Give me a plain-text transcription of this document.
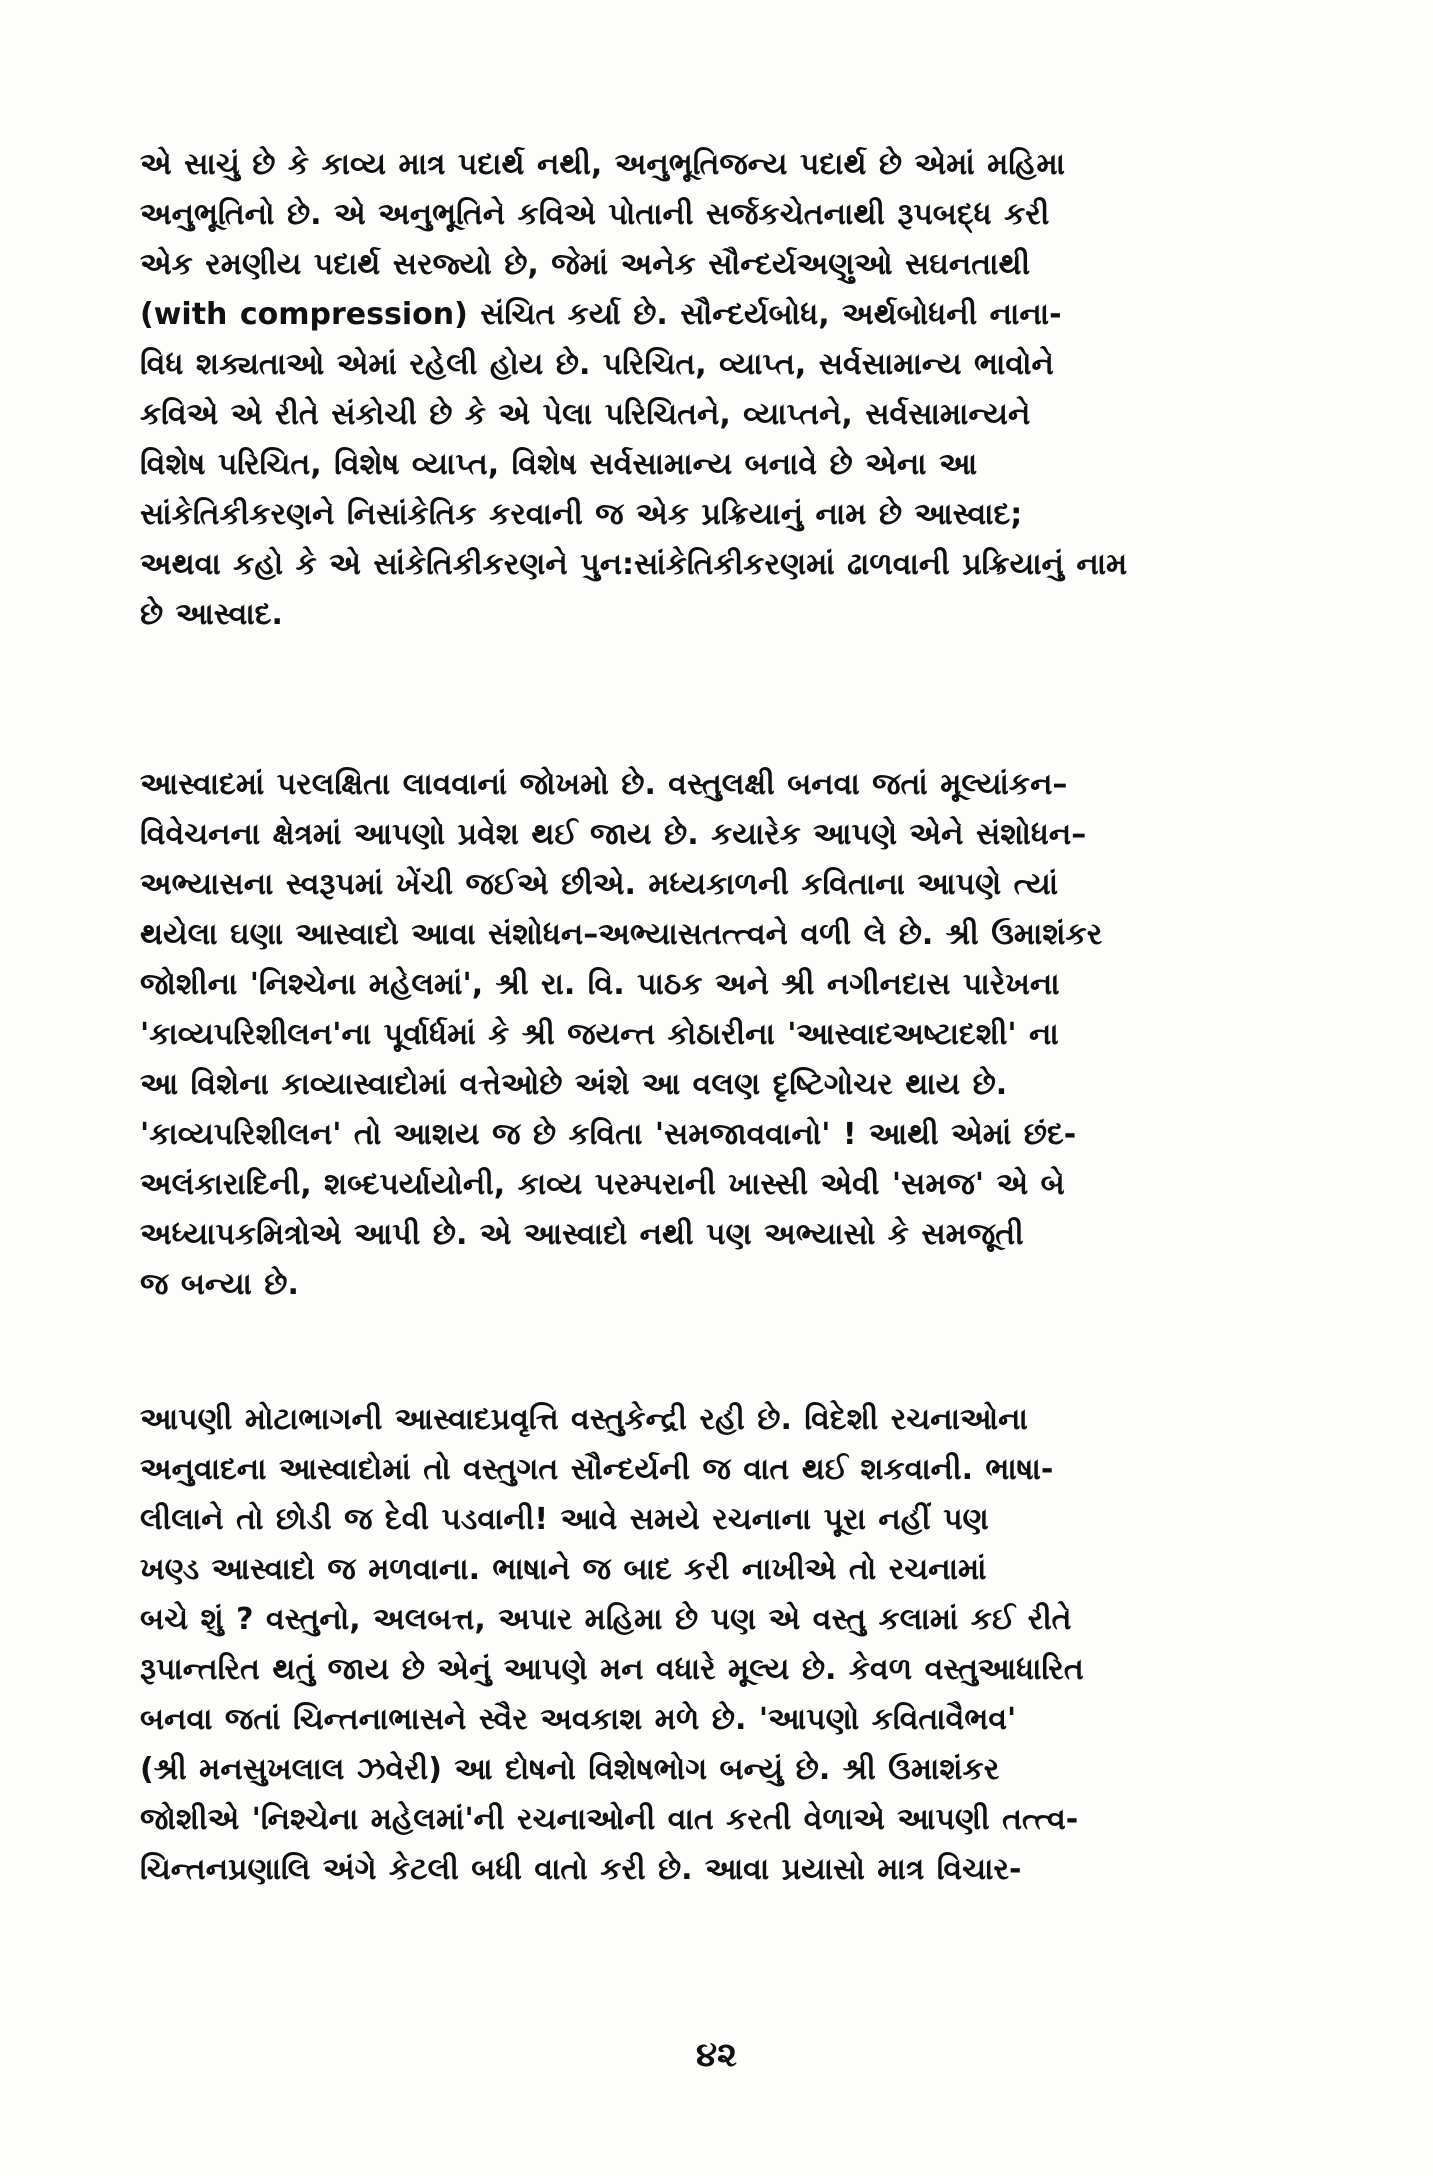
એ સાચું છે કે કાવ્ય માત્ર પદાર્થ નથી, અનુભૂતિજન્ય પદાર્થ છે એમાં મહિમા

અનુભૂતિનો છે. એ અનુભૂતિને કવિએ પોતાની સર્જકચેતનાથી રૂપબદ્ધ કરી

એક રમણીય પદાર્થ સરજ્યો છે, જેમાં અનેક સૌન્દર્યઅણુઓ સઘનતાથી

(with compression) સંચિત કર્યા છે. સૌન્દર્યબોધ, અર્થબોધની નાના-

વિધ શક્યતાઓ એમાં રહેલી હોય છે. પરિચિત, વ્યાપ્ત, સર્વસામાન્ય ભાવોને

કવિએ એ રીતે સંકોચી છે કે એ પેલા પરિચિતને, વ્યાપ્તને, સર્વસામાન્યને

વિશેષ પરિચિત, વિશેષ વ્યાપ્ત, વિશેષ સર્વસામાન્ય બનાવે છે એના આ

સાંકેતિકીકરણને નિસાંકેતિક કરવાની જ એક પ્રક્રિયાનું નામ છે આસ્વાદ;

અથવા કહો કે એ સાંકેતિકીકરણને પુન:સાંકેતિકીકરણમાં ઢાળવાની પ્રક્રિયાનું નામ

છે આસ્વાદ.

આસ્વાદમાં પરલક્ષિતા લાવવાનાં જોખમો છે. વસ્તુલક્ષી બનવા જતાં મૂલ્યાંકન–

વિવેચનના ક્ષેત્રમાં આપણો પ્રવેશ થઈ જાય છે. કયારેક આપણે એને સંશોધન–

અભ્યાસના સ્વરૂપમાં ખેંચી જઈએ છીએ. મધ્યકાળની કવિતાના આપણે ત્યાં

થયેલા ઘણા આસ્વાદો આવા સંશોધન–અભ્યાસતત્ત્વને વળી લે છે. શ્રી ઉમાશંકર

જોશીના 'નિશ્ચેના મહેલમાં', શ્રી રા. વિ. પાઠક અને શ્રી નગીનદાસ પારેખના

'કાવ્યપરિશીલન'ના પૂર્વાર્ધમાં કે શ્રી જયન્ત કોઠારીના 'આસ્વાદઅષ્ટાદશી' ના

આ વિશેના કાવ્યાસ્વાદોમાં વત્તેઓછે અંશે આ વલણ દૃષ્ટિગોચર થાય છે.

'કાવ્યપરિશીલન' તો આશય જ છે કવિતા 'સમજાવવાનો' ! આથી એમાં છંદ-

અલંકારાદિની, શબ્દપર્યાયોની, કાવ્ય પરમ્પરાની ખાસ્સી એવી 'સમજ' એ બે

અધ્યાપકમિત્રોએ આપી છે. એ આસ્વાદો નથી પણ અભ્યાસો કે સમજૂતી

જ બન્યા છે.

આપણી મોટાભાગની આસ્વાદપ્રવૃત્તિ વસ્તુકેન્દ્રી રહી છે. વિદેશી રચનાઓના

અનુવાદના આસ્વાદોમાં તો વસ્તુગત સૌન્દર્યની જ વાત થઈ શકવાની. ભાષા-

લીલાને તો છોડી જ દેવી પડવાની! આવે સમયે રચનાના પૂરા નહીં પણ

ખણ્ડ આસ્વાદો જ મળવાના. ભાષાને જ બાદ કરી નાખીએ તો રચનામાં

બચે શું ? વસ્તુનો, અલબત્ત, અપાર મહિમા છે પણ એ વસ્તુ કલામાં કઈ રીતે

રૂપાન્તરિત થતું જાય છે એનું આપણે મન વધારે મૂલ્ય છે. કેવળ વસ્તુઆધારિત

બનવા જતાં ચિન્તનાભાસને સ્વૈર અવકાશ મળે છે. 'આપણો કવિતાવૈભવ'

(શ્રી મનસુખલાલ ઝવેરી) આ દોષનો વિશેષભોગ બન્યું છે. શ્રી ઉમાશંકર

જોશીએ 'નિશ્ચેના મહેલમાં'ની રચનાઓની વાત કરતી વેળાએ આપણી તત્ત્વ-

ચિન્તનપ્રણાલિ અંગે કેટલી બધી વાતો કરી છે. આવા પ્રયાસો માત્ર વિચાર-

૪૨
